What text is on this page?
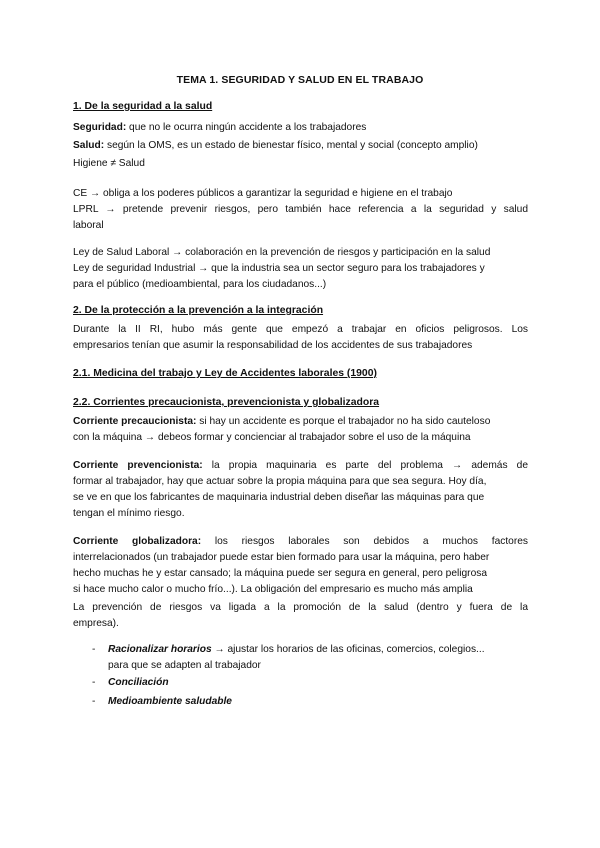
TEMA 1. SEGURIDAD Y SALUD EN EL TRABAJO
1. De la seguridad a la salud
Seguridad: que no le ocurra ningún accidente a los trabajadores
Salud: según la OMS, es un estado de bienestar físico, mental y social (concepto amplio)
Higiene ≠ Salud
CE → obliga a los poderes públicos a garantizar la seguridad e higiene en el trabajo
LPRL → pretende prevenir riesgos, pero también hace referencia a la seguridad y salud
laboral
Ley de Salud Laboral → colaboración en la prevención de riesgos y participación en la salud
Ley de seguridad Industrial → que la industria sea un sector seguro para los trabajadores y
para el público (medioambiental, para los ciudadanos...)
2. De la protección a la prevención a la integración
Durante la II RI, hubo más gente que empezó a trabajar en oficios peligrosos. Los
empresarios tenían que asumir la responsabilidad de los accidentes de sus trabajadores
2.1. Medicina del trabajo y Ley de Accidentes laborales (1900)
2.2. Corrientes precaucionista, prevencionista y globalizadora
Corriente precaucionista: si hay un accidente es porque el trabajador no ha sido cauteloso
con la máquina → debeos formar y concienciar al trabajador sobre el uso de la máquina
Corriente prevencionista: la propia maquinaria es parte del problema → además de
formar al trabajador, hay que actuar sobre la propia máquina para que sea segura. Hoy día,
se ve en que los fabricantes de maquinaria industrial deben diseñar las máquinas para que
tengan el mínimo riesgo.
Corriente globalizadora: los riesgos laborales son debidos a muchos factores
interrelacionados (un trabajador puede estar bien formado para usar la máquina, pero haber
hecho muchas he y estar cansado; la máquina puede ser segura en general, pero peligrosa
si hace mucho calor o mucho frío...). La obligación del empresario es mucho más amplia
La prevención de riesgos va ligada a la promoción de la salud (dentro y fuera de la
empresa).
- Racionalizar horarios → ajustar los horarios de las oficinas, comercios, colegios...
para que se adapten al trabajador
- Conciliación
- Medioambiente saludable
